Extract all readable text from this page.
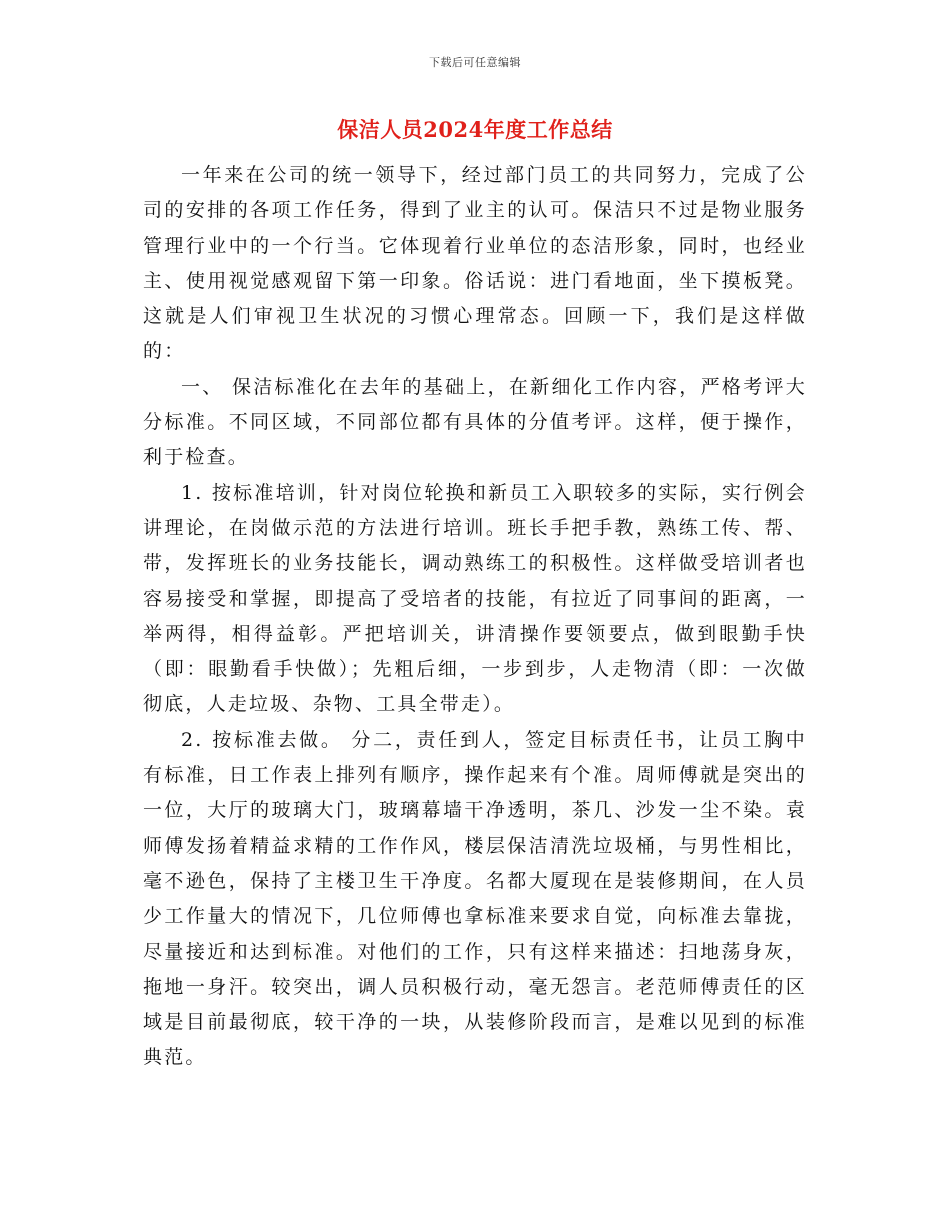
下载后可任意编辑
保洁人员2024年度工作总结

一年来在公司的统一领导下，经过部门员工的共同努力，完成了公司的安排的各项工作任务，得到了业主的认可。保洁只不过是物业服务管理行业中的一个行当。它体现着行业单位的态洁形象，同时，也经业主、使用视觉感观留下第一印象。俗话说：进门看地面，坐下摸板凳。这就是人们审视卫生状况的习惯心理常态。回顾一下，我们是这样做的：

一、 保洁标准化在去年的基础上，在新细化工作内容，严格考评大分标准。不同区域，不同部位都有具体的分值考评。这样，便于操作，利于检查。

1. 按标准培训，针对岗位轮换和新员工入职较多的实际，实行例会讲理论，在岗做示范的方法进行培训。班长手把手教，熟练工传、帮、带，发挥班长的业务技能长，调动熟练工的积极性。这样做受培训者也容易接受和掌握，即提高了受培者的技能，有拉近了同事间的距离，一举两得，相得益彰。严把培训关，讲清操作要领要点，做到眼勤手快（即：眼勤看手快做）；先粗后细，一步到步，人走物清（即：一次做彻底，人走垃圾、杂物、工具全带走）。

2. 按标准去做。 分二，责任到人，签定目标责任书，让员工胸中有标准，日工作表上排列有顺序，操作起来有个准。周师傅就是突出的一位，大厅的玻璃大门，玻璃幕墙干净透明，茶几、沙发一尘不染。袁师傅发扬着精益求精的工作作风，楼层保洁清洗垃圾桶，与男性相比，毫不逊色，保持了主楼卫生干净度。名都大厦现在是装修期间，在人员少工作量大的情况下，几位师傅也拿标准来要求自觉，向标准去靠拢，尽量接近和达到标准。对他们的工作，只有这样来描述：扫地荡身灰，拖地一身汗。较突出，调人员积极行动，毫无怨言。老范师傅责任的区域是目前最彻底，较干净的一块，从装修阶段而言，是难以见到的标准典范。
